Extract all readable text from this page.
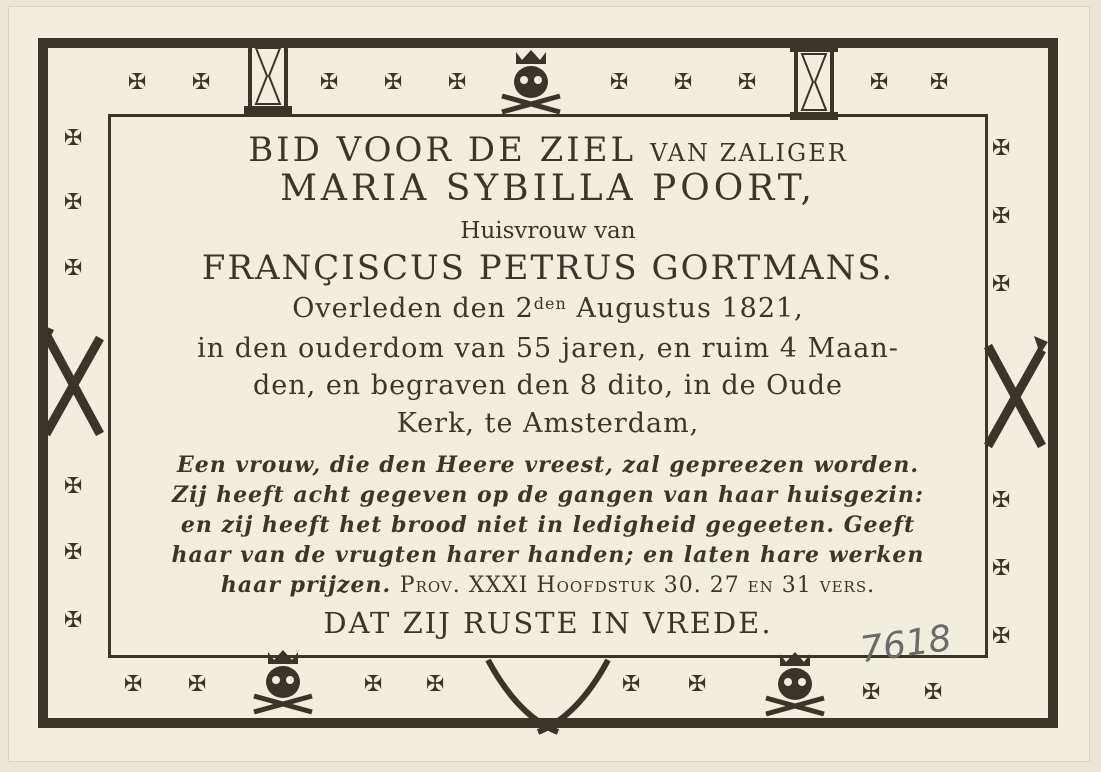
✠ ✠	✠ ✠ ✠	✠ ✠ ✠	✠ ✠
✠
✠
✠
✠
✠
✠
✠
✠
✠
✠
✠
✠
✠ ✠	✠ ✠	✠ ✠	✠ ✠
BID VOOR DE ZIEL VAN ZALIGER
MARIA SYBILLA POORT,
Huisvrouw van
FRANÇISCUS PETRUS GORTMANS.
Overleden den $2^{den}$ Augustus 1821,
in den ouderdom van 55 jaren, en ruim 4 Maan-
den, en begraven den 8 dito, in de Oude
Kerk, te Amsterdam,
Een vrouw, die den Heere vreest, zal gepreezen worden.
Zij heeft acht gegeven op de gangen van haar huisgezin:
en zij heeft het brood niet in ledigheid gegeeten. Geeft
haar van de vrugten harer handen; en laten hare werken
haar prijzen. Prov. XXXI Hoofdstuk 30. 27 en 31 vers.
DAT ZIJ RUSTE IN VREDE.	7618
